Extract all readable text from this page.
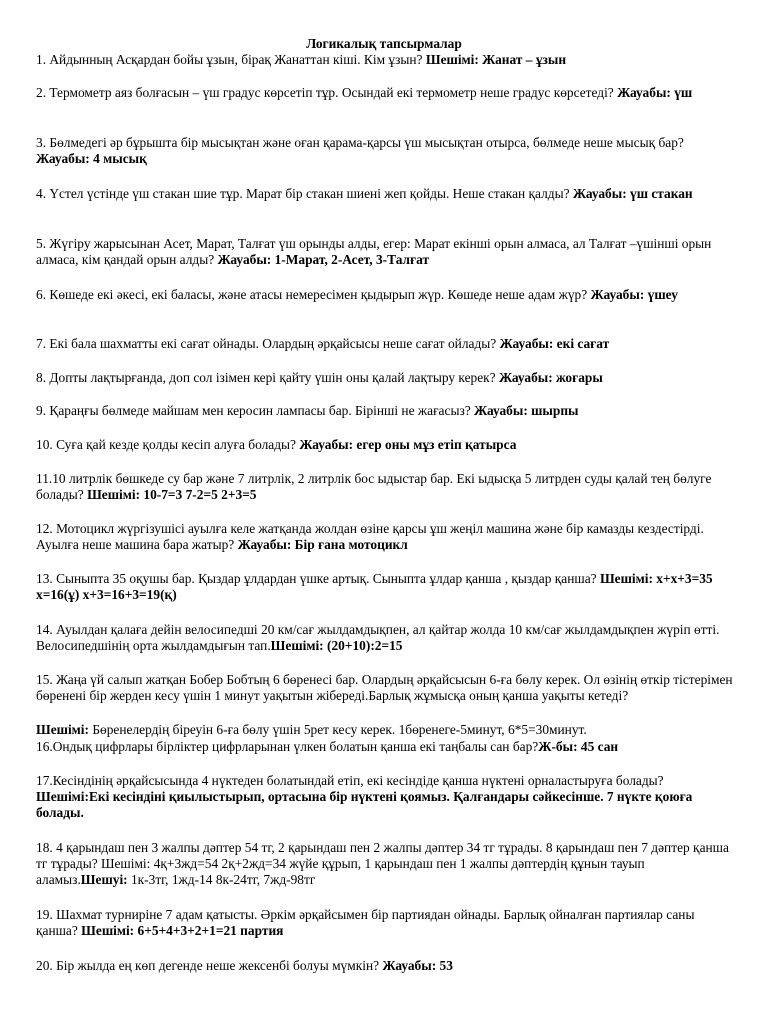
Логикалық тапсырмалар

1. Айдынның Асқардан бойы ұзын, бірақ Жанаттан кіші. Кім ұзын? Шешімі: Жанат – ұзын

2. Термометр аяз болғасын – үш градус көрсетіп тұр. Осындай екі термометр неше градус көрсетеді? Жауабы: үш

3. Бөлмедегі әр бұрышта бір мысықтан және оған қарама-қарсы үш мысықтан отырса, бөлмеде неше мысық бар? Жауабы: 4 мысық

4. Үстел үстінде үш стакан шие тұр. Марат бір стакан шиені жеп қойды. Неше стакан қалды? Жауабы: үш стакан

5. Жүгіру жарысынан Асет, Марат, Талғат үш орынды алды, егер: Марат екінші орын алмаса, ал Талғат –үшінші орын алмаса, кім қандай орын алды? Жауабы: 1-Марат, 2-Асет, 3-Талғат

6. Көшеде екі әкесі, екі баласы, және атасы немересімен қыдырып жүр. Көшеде неше адам жүр? Жауабы: үшеу

7. Екі бала шахматты екі сағат ойнады. Олардың әрқайсысы неше сағат ойлады? Жауабы: екі сағат

8. Допты лақтырғанда, доп сол ізімен кері қайту үшін оны қалай лақтыру керек? Жауабы: жоғары

9. Қараңғы бөлмеде майшам мен керосин лампасы бар. Біріншi не жағасыз? Жауабы: шырпы

10. Суға қай кезде қолды кесіп алуға болады? Жауабы: егер оны мұз етіп қатырса

11.10 литрлік бөшкеде су бар және 7 литрлік, 2 литрлік бос ыдыстар бар. Екі ыдысқа 5 литрден суды қалай тең бөлуге болады? Шешімі: 10-7=3 7-2=5 2+3=5

12. Мотоцикл жүргізушісі ауылға келе жатқанда жолдан өзіне қарсы ұш жеңіл машина және бір камазды кездестірді. Ауылға неше машина бара жатыр? Жауабы: Бір ғана мотоцикл

13. Сыныпта 35 оқушы бар. Қыздар ұлдардан үшке артық. Сыныпта ұлдар қанша , қыздар қанша? Шешімі: х+х+3=35 х=16(ұ) х+3=16+3=19(қ)

14. Ауылдан қалаға дейін велосипедші 20 км/сағ жылдамдықпен, ал қайтар жолда 10 км/сағ жылдамдықпен жүріп өтті. Велосипедшінің орта жылдамдығын тап.Шешімі: (20+10):2=15

15. Жаңа үй салып жатқан Бобер Бобтың 6 бөренесі бар. Олардың әрқайсысын 6-ға бөлу керек. Ол өзінің өткір тістерімен бөренені бір жерден кесу үшін 1 минут уақытын жібереді.Барлық жұмысқа оның қанша уақыты кетеді?

Шешімі: Бөренелердің біреуін 6-ға бөлу үшін 5рет кесу керек. 1бөренеге-5минут, 6*5=30минут.

16.Ондық цифрлары бірліктер цифрларынан үлкен болатын қанша екі таңбалы сан бар?Ж-бы: 45 сан

17.Кесіндінің әрқайсысында 4 нүктеден болатындай етіп, екі кесіндіде қанша нүктені орналастыруға болады? Шешімі:Екі кесіндіні қиылыстырып, ортасына бір нүктені қоямыз. Қалғандары сәйкесінше. 7 нүкте қоюға болады.

18. 4 қарындаш пен 3 жалпы дәптер 54 тг, 2 қарындаш пен 2 жалпы дәптер 34 тг тұрады. 8 қарындаш пен 7 дәптер қанша тг тұрады? Шешімі: 4қ+3жд=54 2қ+2жд=34 жүйе құрып, 1 қарындаш пен 1 жалпы дәптердің құнын тауып аламыз.Шешуі: 1к-3тг, 1жд-14 8к-24тг, 7жд-98тг

19. Шахмат турниріне 7 адам қатысты. Әркім әрқайсымен бір партиядан ойнады. Барлық ойналған партиялар саны қанша? Шешімі: 6+5+4+3+2+1=21 партия

20. Бір жылда ең көп дегенде неше жексенбі болуы мүмкін? Жауабы: 53
